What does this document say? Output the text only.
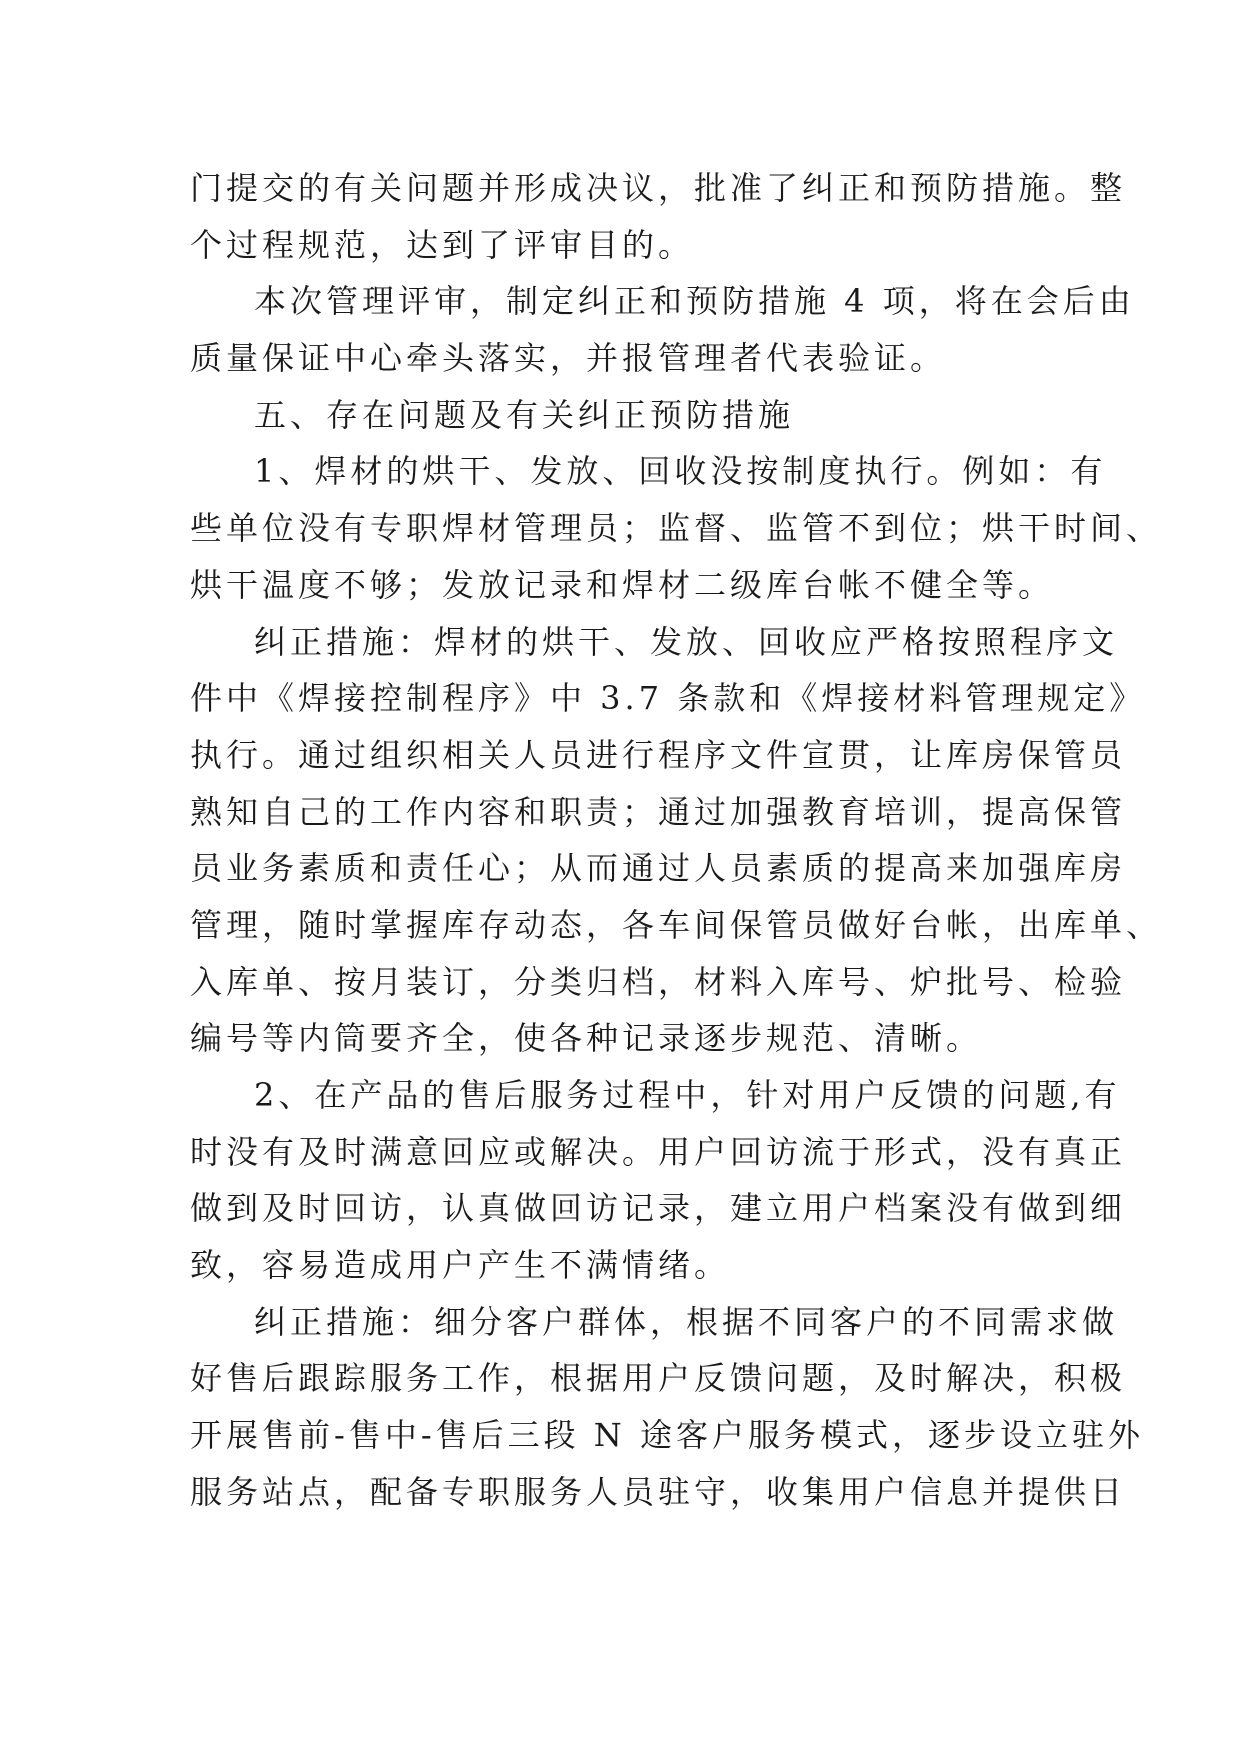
门提交的有关问题并形成决议，批准了纠正和预防措施。整
个过程规范，达到了评审目的。
本次管理评审，制定纠正和预防措施 4 项，将在会后由
质量保证中心牵头落实，并报管理者代表验证。
五、存在问题及有关纠正预防措施
1、焊材的烘干、发放、回收没按制度执行。例如：有
些单位没有专职焊材管理员；监督、监管不到位；烘干时间、
烘干温度不够；发放记录和焊材二级库台帐不健全等。
纠正措施：焊材的烘干、发放、回收应严格按照程序文
件中《焊接控制程序》中 3.7 条款和《焊接材料管理规定》
执行。通过组织相关人员进行程序文件宣贯，让库房保管员
熟知自己的工作内容和职责；通过加强教育培训，提高保管
员业务素质和责任心；从而通过人员素质的提高来加强库房
管理，随时掌握库存动态，各车间保管员做好台帐，出库单、
入库单、按月装订，分类归档，材料入库号、炉批号、检验
编号等内筒要齐全，使各种记录逐步规范、清晰。
2、在产品的售后服务过程中，针对用户反馈的问题,有
时没有及时满意回应或解决。用户回访流于形式，没有真正
做到及时回访，认真做回访记录，建立用户档案没有做到细
致，容易造成用户产生不满情绪。
纠正措施：细分客户群体，根据不同客户的不同需求做
好售后跟踪服务工作，根据用户反馈问题，及时解决，积极
开展售前-售中-售后三段 N 途客户服务模式，逐步设立驻外
服务站点，配备专职服务人员驻守，收集用户信息并提供日
